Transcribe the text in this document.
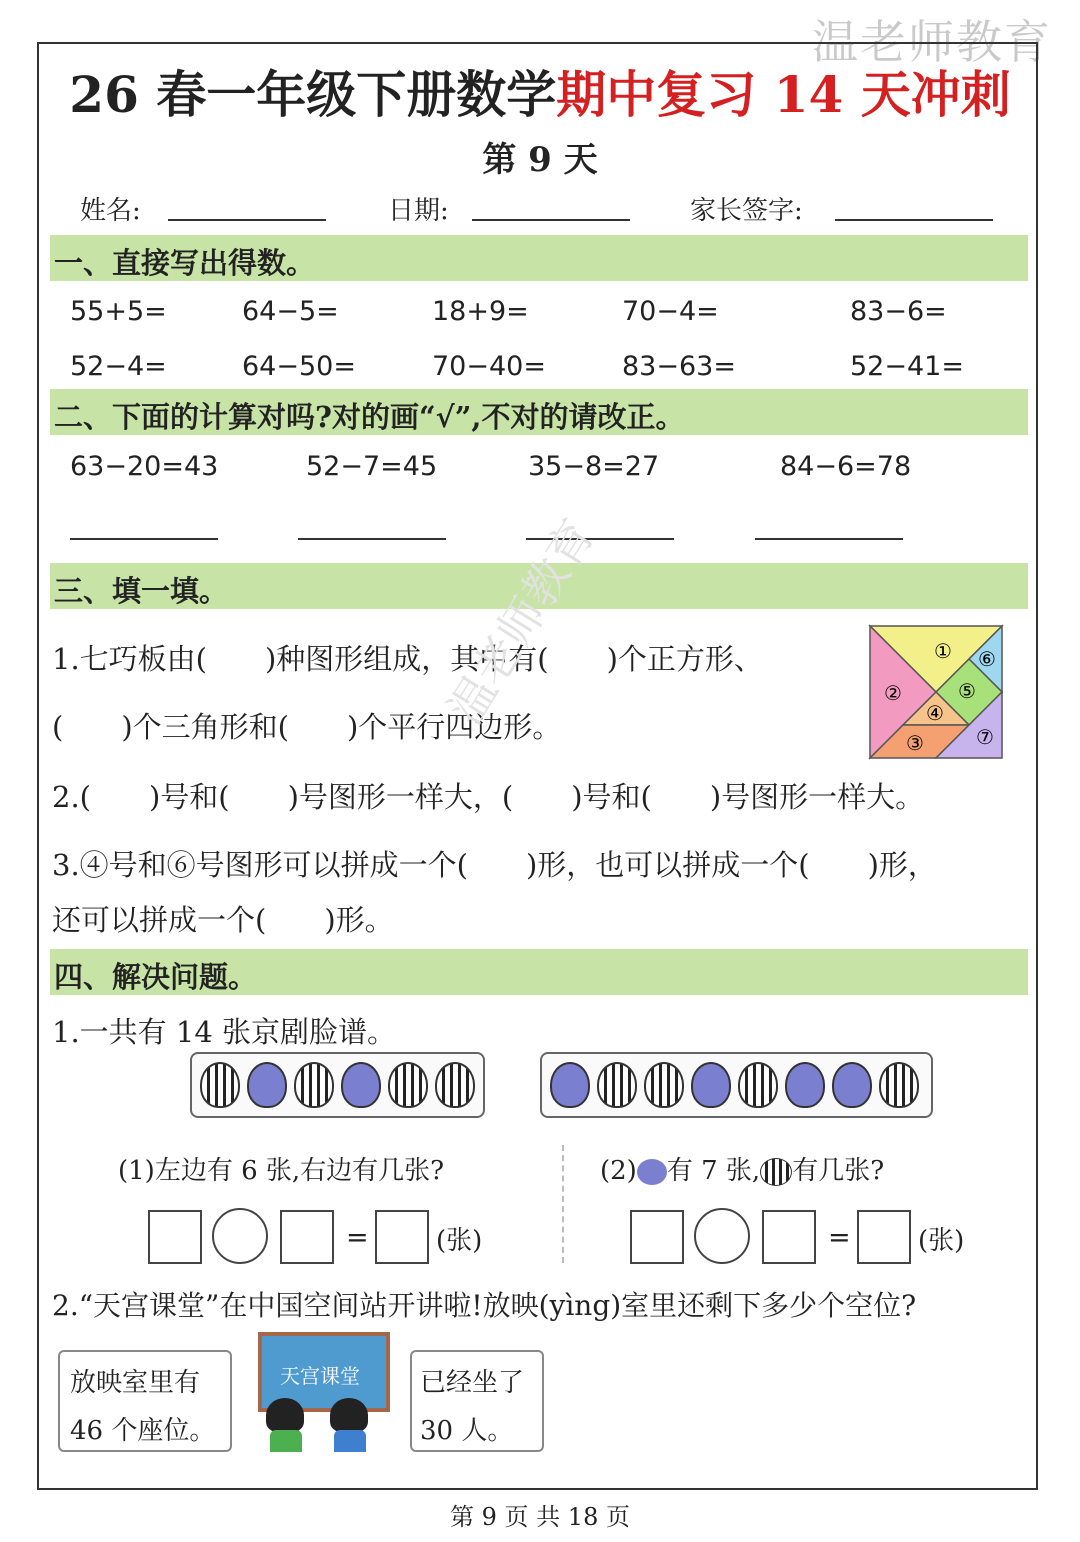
温老师教育
26 春一年级下册数学期中复习 14 天冲刺
第 9 天
姓名:	日期:	家长签字:
一、直接写出得数。
55+5=	64−5=	18+9=	70−4=	83−6=
52−4=	64−50=	70−40=	83−63=	52−41=
二、下面的计算对吗?对的画“√”,不对的请改正。
63−20=43	52−7=45	35−8=27	84−6=78
三、填一填。
1.七巧板由(　　)种图形组成，其中有(　　)个正方形、
(　　)个三角形和(　　)个平行四边形。
2.(　　)号和(　　)号图形一样大，(　　)号和(　　)号图形一样大。
3.④号和⑥号图形可以拼成一个(　　)形，也可以拼成一个(　　)形，
还可以拼成一个(　　)形。
①
②
③
④
⑤
⑥
⑦
温老师教育
四、解决问题。
1.一共有 14 张京剧脸谱。
(1)左边有 6 张,右边有几张?	(2) 有 7 张, 有几张?
=	(张)	=	(张)
2.“天宫课堂”在中国空间站开讲啦!放映(yìng)室里还剩下多少个空位?
放映室里有
46 个座位。
天宫课堂 已经坐了
30 人。
第 9 页 共 18 页
